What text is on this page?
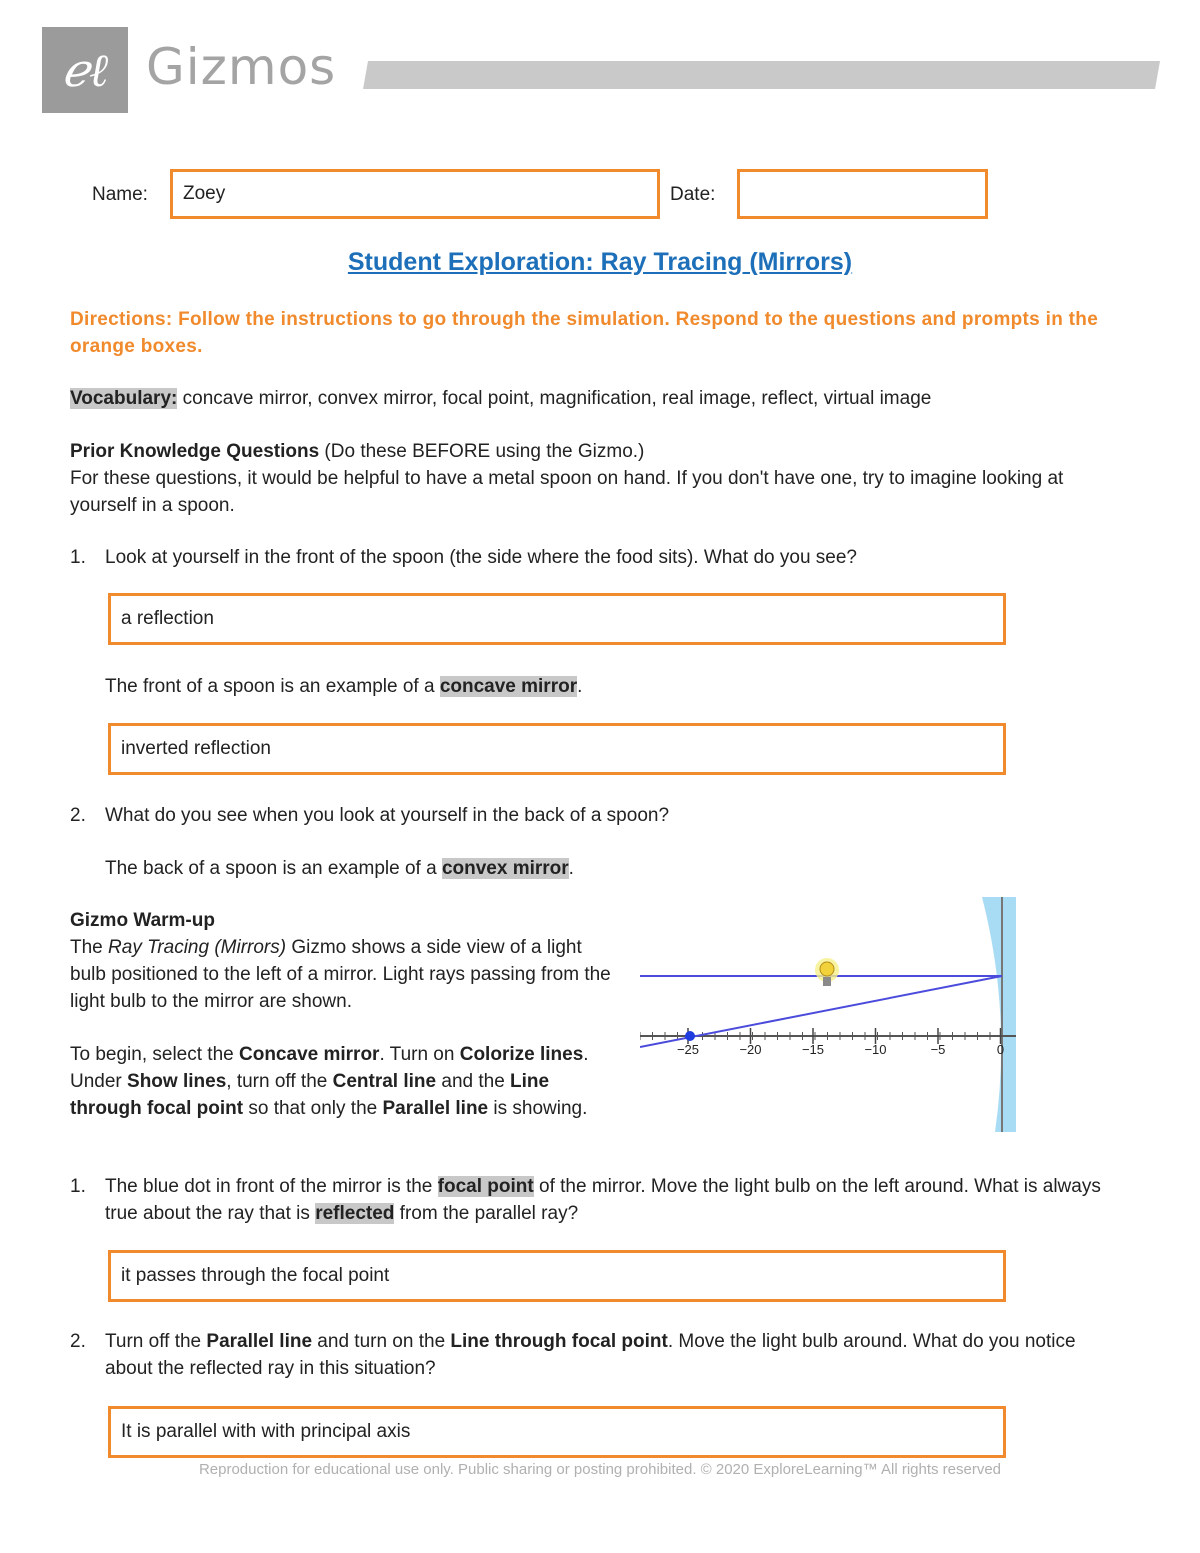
ℯℓ Gizmos
Name: Zoey	Date:
Student Exploration: Ray Tracing (Mirrors)
Directions: Follow the instructions to go through the simulation. Respond to the questions and prompts in the orange boxes.
Vocabulary: concave mirror, convex mirror, focal point, magnification, real image, reflect, virtual image
Prior Knowledge Questions (Do these BEFORE using the Gizmo.)
For these questions, it would be helpful to have a metal spoon on hand. If you don't have one, try to imagine looking at yourself in a spoon.
1. Look at yourself in the front of the spoon (the side where the food sits). What do you see?
a reflection
The front of a spoon is an example of a concave mirror.
inverted reflection
2. What do you see when you look at yourself in the back of a spoon?
The back of a spoon is an example of a convex mirror.
Gizmo Warm-up
The Ray Tracing (Mirrors) Gizmo shows a side view of a light bulb positioned to the left of a mirror. Light rays passing from the light bulb to the mirror are shown.
To begin, select the Concave mirror. Turn on Colorize lines. Under Show lines, turn off the Central line and the Line through focal point so that only the Parallel line is showing.
−25	−20	−15	−10	−5	0
1. The blue dot in front of the mirror is the focal point of the mirror. Move the light bulb on the left around. What is always true about the ray that is reflected from the parallel ray?
it passes through the focal point
2. Turn off the Parallel line and turn on the Line through focal point. Move the light bulb around. What do you notice about the reflected ray in this situation?
It is parallel with with principal axis
Reproduction for educational use only. Public sharing or posting prohibited. © 2020 ExploreLearning™ All rights reserved
